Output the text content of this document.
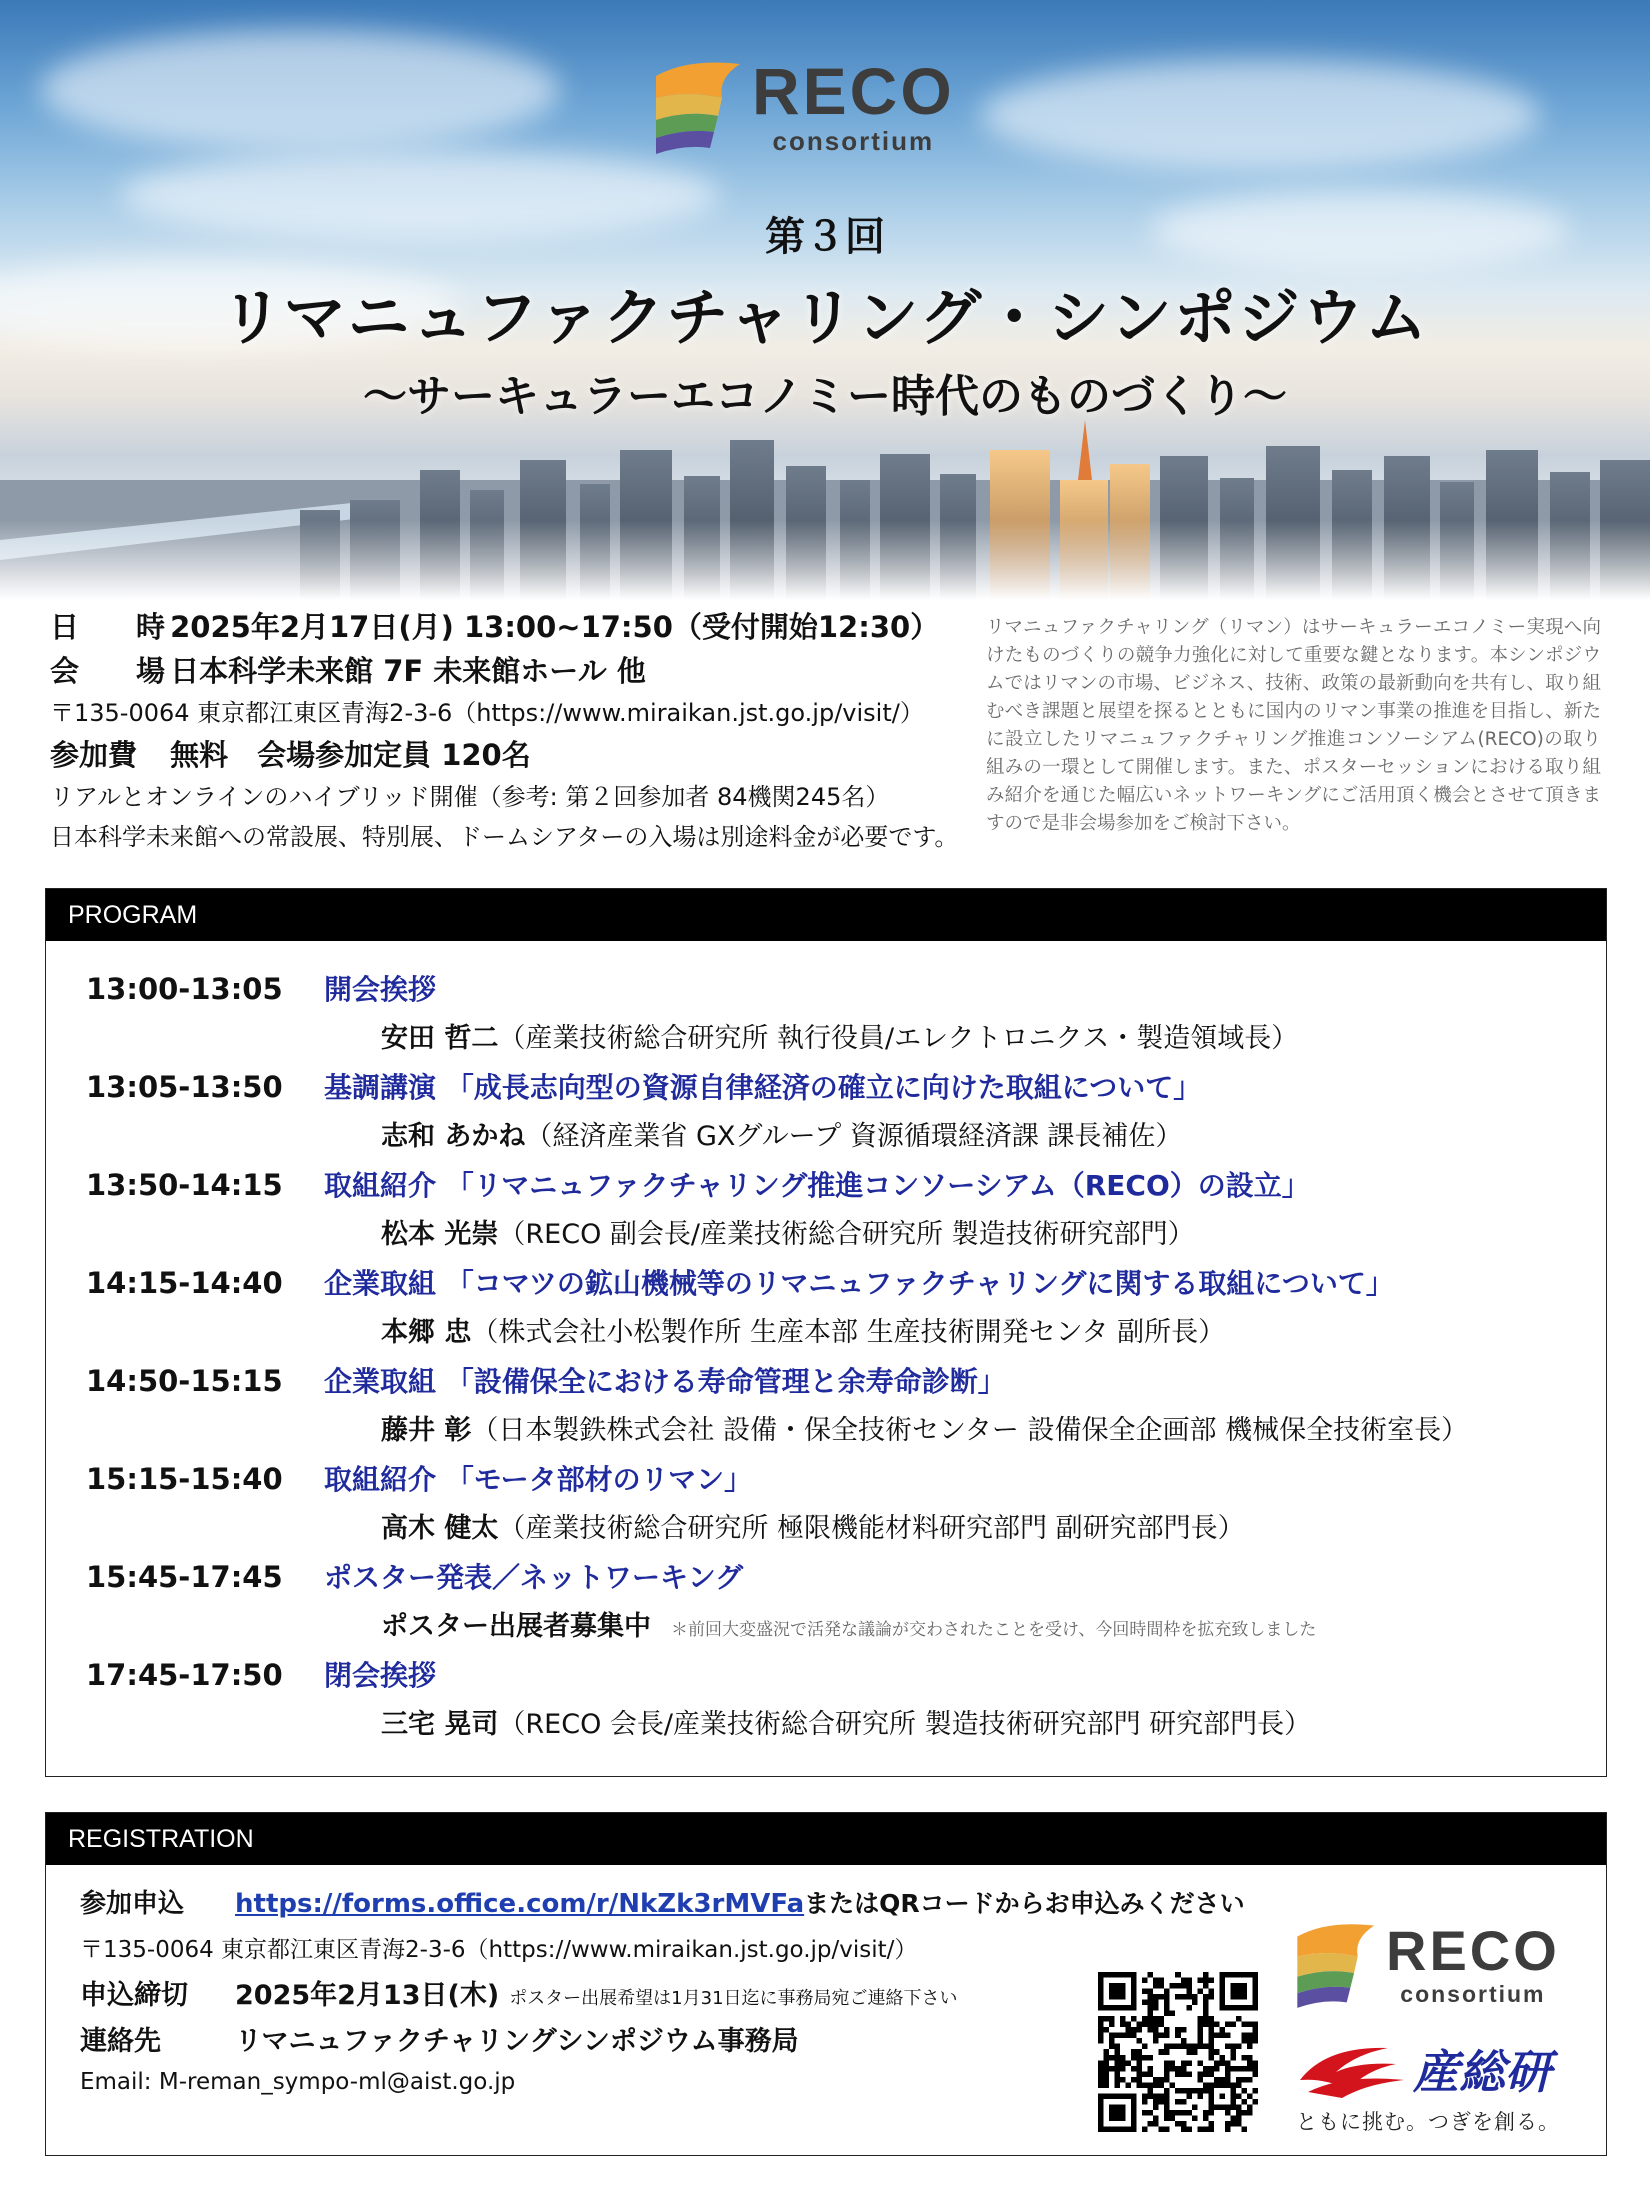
RECO
consortium
第３回
リマニュファクチャリング・シンポジウム
～サーキュラーエコノミー時代のものづくり～
日　時 2025年2月17日(月) 13:00~17:50（受付開始12:30）
会　場 日本科学未来館 7F 未来館ホール 他
〒135-0064 東京都江東区青海2-3-6（https://www.miraikan.jst.go.jp/visit/）
参加費 無料　会場参加定員 120名
リアルとオンラインのハイブリッド開催（参考: 第２回参加者 84機関245名）
日本科学未来館への常設展、特別展、ドームシアターの入場は別途料金が必要です。
リマニュファクチャリング（リマン）はサーキュラーエコノミー実現へ向けたものづくりの競争力強化に対して重要な鍵となります。本シンポジウムではリマンの市場、ビジネス、技術、政策の最新動向を共有し、取り組むべき課題と展望を探るとともに国内のリマン事業の推進を目指し、新たに設立したリマニュファクチャリング推進コンソーシアム(RECO)の取り組みの一環として開催します。また、ポスターセッションにおける取り組み紹介を通じた幅広いネットワーキングにご活用頂く機会とさせて頂きますので是非会場参加をご検討下さい。
PROGRAM
13:00-13:05 開会挨拶
安田 哲二（産業技術総合研究所 執行役員/エレクトロニクス・製造領域長）
13:05-13:50 基調講演 「成長志向型の資源自律経済の確立に向けた取組について」
志和 あかね（経済産業省 GXグループ 資源循環経済課 課長補佐）
13:50-14:15 取組紹介 「リマニュファクチャリング推進コンソーシアム（RECO）の設立」
松本 光崇（RECO 副会長/産業技術総合研究所 製造技術研究部門）
14:15-14:40 企業取組 「コマツの鉱山機械等のリマニュファクチャリングに関する取組について」
本郷 忠（株式会社小松製作所 生産本部 生産技術開発センタ 副所長）
14:50-15:15 企業取組 「設備保全における寿命管理と余寿命診断」
藤井 彰（日本製鉄株式会社 設備・保全技術センター 設備保全企画部 機械保全技術室長）
15:15-15:40 取組紹介 「モータ部材のリマン」
高木 健太（産業技術総合研究所 極限機能材料研究部門 副研究部門長）
15:45-17:45 ポスター発表／ネットワーキング
ポスター出展者募集中 ＊前回大変盛況で活発な議論が交わされたことを受け、今回時間枠を拡充致しました
17:45-17:50 閉会挨拶
三宅 晃司（RECO 会長/産業技術総合研究所 製造技術研究部門 研究部門長）
REGISTRATION
参加申込 https://forms.office.com/r/NkZk3rMVFaまたはQRコードからお申込みください
〒135-0064 東京都江東区青海2-3-6（https://www.miraikan.jst.go.jp/visit/）
申込締切 2025年2月13日(木) ポスター出展希望は1月31日迄に事務局宛ご連絡下さい
連絡先	リマニュファクチャリングシンポジウム事務局
Email: M-reman_sympo-ml@aist.go.jp
RECO
consortium
産総研
ともに挑む。つぎを創る。
